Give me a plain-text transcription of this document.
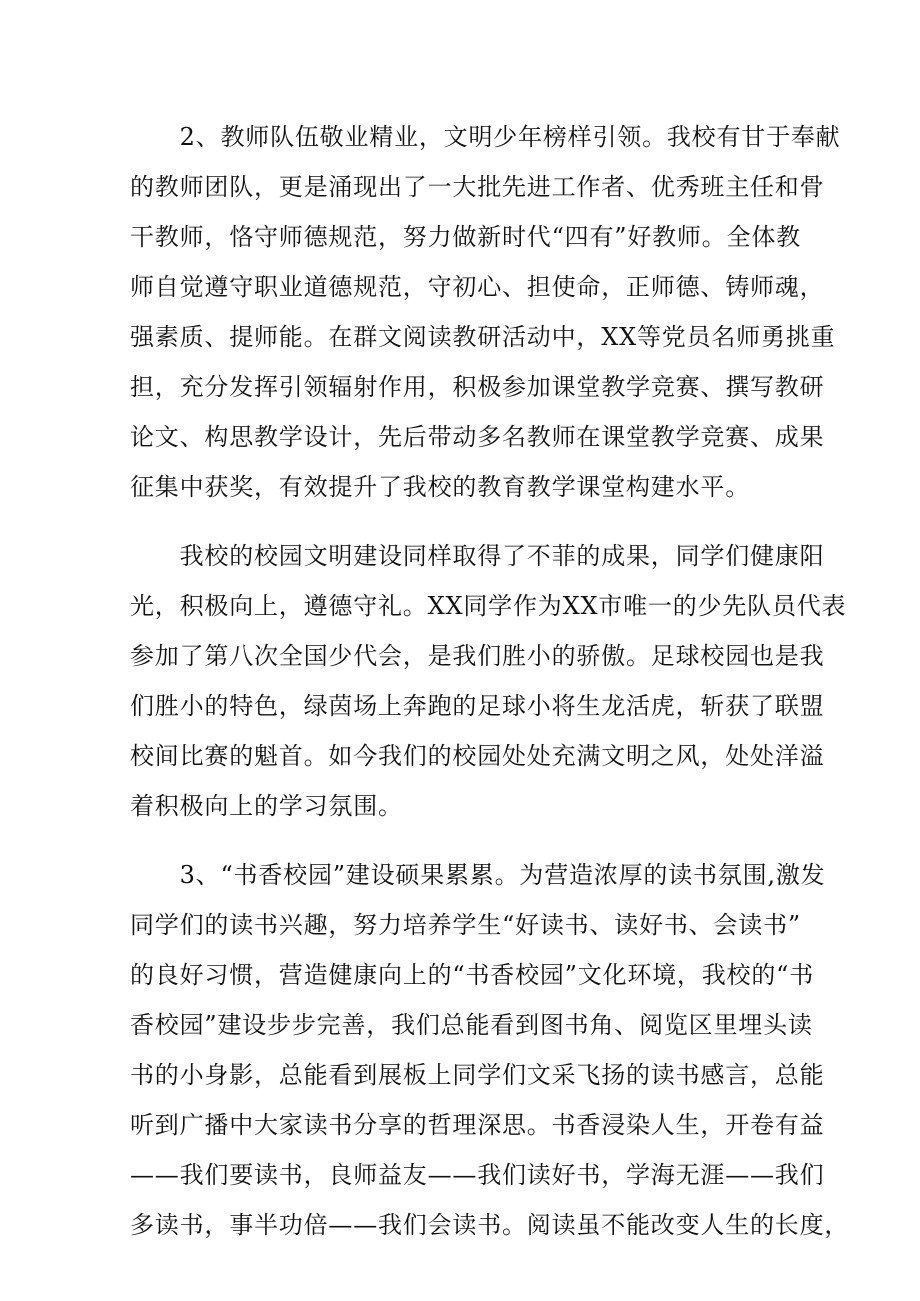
　　2、教师队伍敬业精业，文明少年榜样引领。我校有甘于奉献
的教师团队，更是涌现出了一大批先进工作者、优秀班主任和骨
干教师，恪守师德规范，努力做新时代“四有”好教师。全体教
师自觉遵守职业道德规范，守初心、担使命，正师德、铸师魂，
强素质、提师能。在群文阅读教研活动中，XX等党员名师勇挑重
担，充分发挥引领辐射作用，积极参加课堂教学竞赛、撰写教研
论文、构思教学设计，先后带动多名教师在课堂教学竞赛、成果
征集中获奖，有效提升了我校的教育教学课堂构建水平。
　　我校的校园文明建设同样取得了不菲的成果，同学们健康阳
光，积极向上，遵德守礼。XX同学作为XX市唯一的少先队员代表
参加了第八次全国少代会，是我们胜小的骄傲。足球校园也是我
们胜小的特色，绿茵场上奔跑的足球小将生龙活虎，斩获了联盟
校间比赛的魁首。如今我们的校园处处充满文明之风，处处洋溢
着积极向上的学习氛围。
　　3、“书香校园”建设硕果累累。为营造浓厚的读书氛围,激发
同学们的读书兴趣，努力培养学生“好读书、读好书、会读书”
的良好习惯，营造健康向上的“书香校园”文化环境，我校的“书
香校园”建设步步完善，我们总能看到图书角、阅览区里埋头读
书的小身影，总能看到展板上同学们文采飞扬的读书感言，总能
听到广播中大家读书分享的哲理深思。书香浸染人生，开卷有益
——我们要读书，良师益友——我们读好书，学海无涯——我们
多读书，事半功倍——我们会读书。阅读虽不能改变人生的长度，
